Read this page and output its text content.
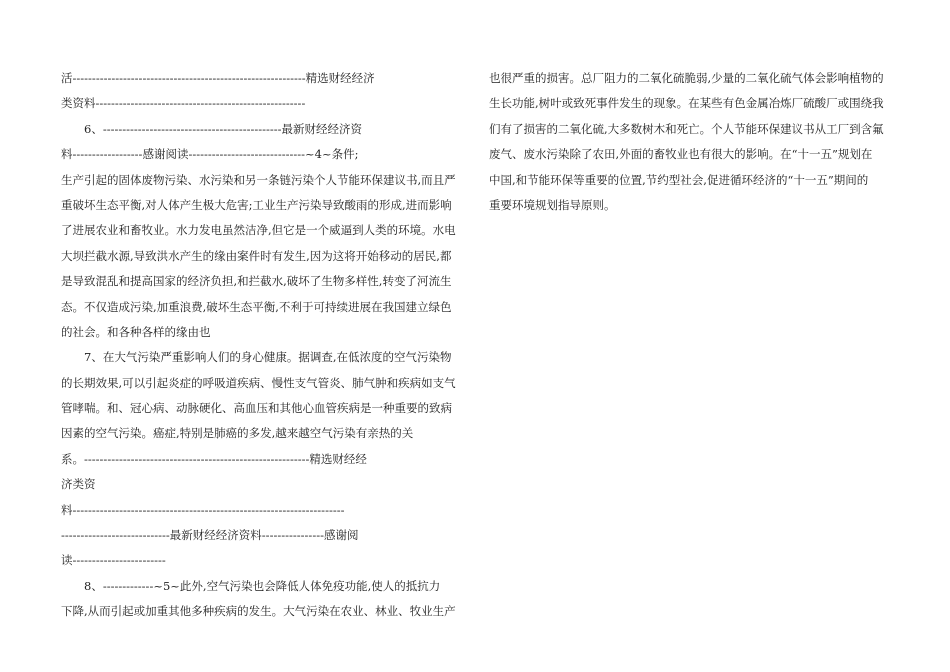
活------------------------------------------------------------精选财经经济
类资料------------------------------------------------------
6、----------------------------------------------最新财经经济资
料------------------感谢阅读------------------------------~4~条件;
生产引起的固体废物污染、水污染和另一条链污染个人节能环保建议书,而且严
重破坏生态平衡,对人体产生极大危害;工业生产污染导致酸雨的形成,进而影响
了进展农业和畜牧业。水力发电虽然洁净,但它是一个威逼到人类的环境。水电
大坝拦截水源,导致洪水产生的缘由案件时有发生,因为这将开始移动的居民,都
是导致混乱和提高国家的经济负担,和拦截水,破坏了生物多样性,转变了河流生
态。不仅造成污染,加重浪费,破坏生态平衡,不利于可持续进展在我国建立绿色
的社会。和各种各样的缘由也
7、在大气污染严重影响人们的身心健康。据调查,在低浓度的空气污染物
的长期效果,可以引起炎症的呼吸道疾病、慢性支气管炎、肺气肿和疾病如支气
管哮喘。和、冠心病、动脉硬化、高血压和其他心血管疾病是一种重要的致病
因素的空气污染。癌症,特别是肺癌的多发,越来越空气污染有亲热的关
系。----------------------------------------------------------精选财经经
济类资
料----------------------------------------------------------------------
----------------------------最新财经经济资料----------------感谢阅
读------------------------
8、-------------~5~此外,空气污染也会降低人体免疫功能,使人的抵抗力
下降,从而引起或加重其他多种疾病的发生。大气污染在农业、林业、牧业生产
也很严重的损害。总厂阻力的二氧化硫脆弱,少量的二氧化硫气体会影响植物的
生长功能,树叶或致死事件发生的现象。在某些有色金属冶炼厂硫酸厂或围绕我
们有了损害的二氧化硫,大多数树木和死亡。个人节能环保建议书从工厂到含氟
废气、废水污染除了农田,外面的畜牧业也有很大的影响。在“十一五”规划在
中国,和节能环保等重要的位置,节约型社会,促进循环经济的“十一五”期间的
重要环境规划指导原则。
